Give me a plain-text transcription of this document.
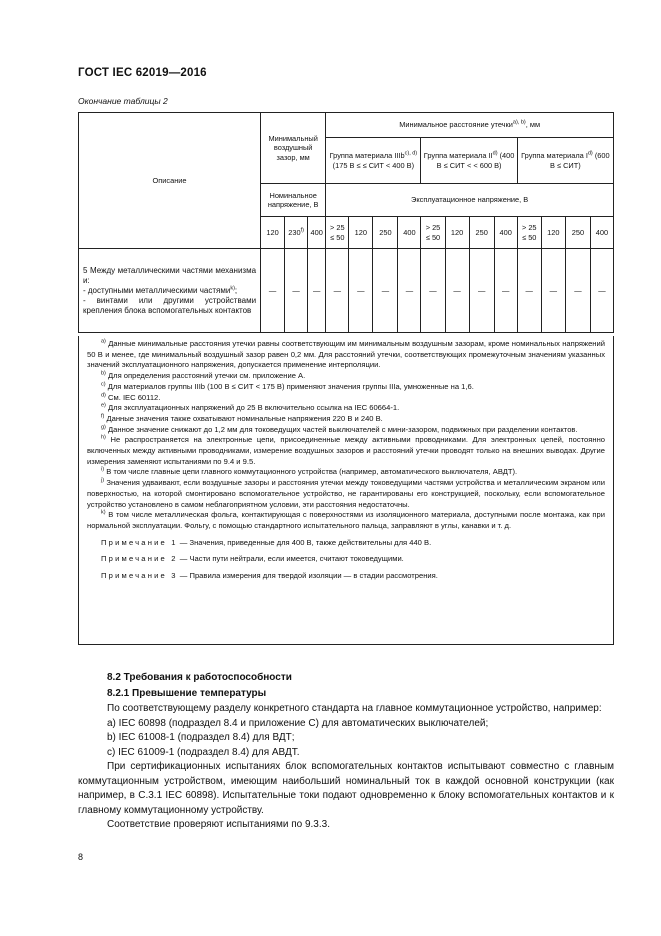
ГОСТ IEC 62019—2016
Окончание таблицы 2
Описание	Минимальный воздушный зазор, мм			Минимальное расстояние утечки$^{a), b)}$, мм											
				Группа материала IIIb$^{c), d)}$ (175 В ≤ ≤ СИТ < 400 В)				Группа материала II$^{d)}$ (400 В ≤ СИТ < < 600 В)				Группа материала $I^{d)}$ (600 В ≤ СИТ)			
	Номинальное напряжение, В			Эксплуатационное напряжение, В											
	120	230$^{f)}$	400	> 25 ≤ 50	120	250	400	> 25 ≤ 50	120	250	400	> 25 ≤ 50	120	250	400

5 Между металлическими частями механизма и:
- доступными металлическими частями$^{k)}$;
- винтами или другими устройствами крепления блока вспомогательных контактов	—	—	—	—	—	—	—	—	—	—	—	—	—	—	—

$^{a)}$ Данные минимальные расстояния утечки равны соответствующим им минимальным воздушным зазорам, кроме номинальных напряжений 50 В и менее, где минимальный воздушный зазор равен 0,2 мм. Для расстояний утечки, соответствующих промежуточным значениям указанных значений эксплуатационного напряжения, допускается применение интерполяции.

$^{b)}$ Для определения расстояний утечки см. приложение А.

$^{c)}$ Для материалов группы IIIb (100 В ≤ СИТ < 175 В) применяют значения группы IIIa, умноженные на 1,6.

$^{d)}$ См. IEC 60112.

$^{e)}$ Для эксплуатационных напряжений до 25 В включительно ссылка на IEC 60664-1.

$^{f)}$ Данные значения также охватывают номинальные напряжения 220 В и 240 В.

$^{g)}$ Данное значение снижают до 1,2 мм для токоведущих частей выключателей с мини-зазором, подвижных при разделении контактов.

$^{h)}$ Не распространяется на электронные цепи, присоединенные между активными проводниками. Для электронных цепей, постоянно включенных между активными проводниками, измерение воздушных зазоров и расстояний утечки проводят только на внешних выводах. Другие измерения заменяют испытаниями по 9.4 и 9.5.

$^{i)}$ В том числе главные цепи главного коммутационного устройства (например, автоматического выключателя, АВДТ).

$^{j)}$ Значения удваивают, если воздушные зазоры и расстояния утечки между токоведущими частями устройства и металлическим экраном или поверхностью, на которой смонтировано вспомогательное устройство, не гарантированы его конструкцией, поскольку, если вспомогательное устройство установлено в самом неблагоприятном условии, эти расстояния недостаточны.

$^{k)}$ В том числе металлическая фольга, контактирующая с поверхностями из изоляционного материала, доступными после монтажа, как при нормальной эксплуатации. Фольгу, с помощью стандартного испытательного пальца, заправляют в углы, канавки и т. д.

Примечание 1 — Значения, приведенные для 400 В, также действительны для 440 В.

Примечание 2 — Части пути нейтрали, если имеется, считают токоведущими.

Примечание 3 — Правила измерения для твердой изоляции — в стадии рассмотрения.

8.2 Требования к работоспособности
8.2.1 Превышение температуры

По соответствующему разделу конкретного стандарта на главное коммутационное устройство, например:

a) IEC 60898 (подраздел 8.4 и приложение С) для автоматических выключателей;

b) IEC 61008-1 (подраздел 8.4) для ВДТ;

c) IEC 61009-1 (подраздел 8.4) для АВДТ.

При сертификационных испытаниях блок вспомогательных контактов испытывают совместно с главным коммутационным устройством, имеющим наибольший номинальный ток в каждой основной конструкции (как например, в С.3.1 IEC 60898). Испытательные токи подают одновременно к блоку вспомогательных контактов и к главному коммутационному устройству.

Соответствие проверяют испытаниями по 9.3.3.

8
